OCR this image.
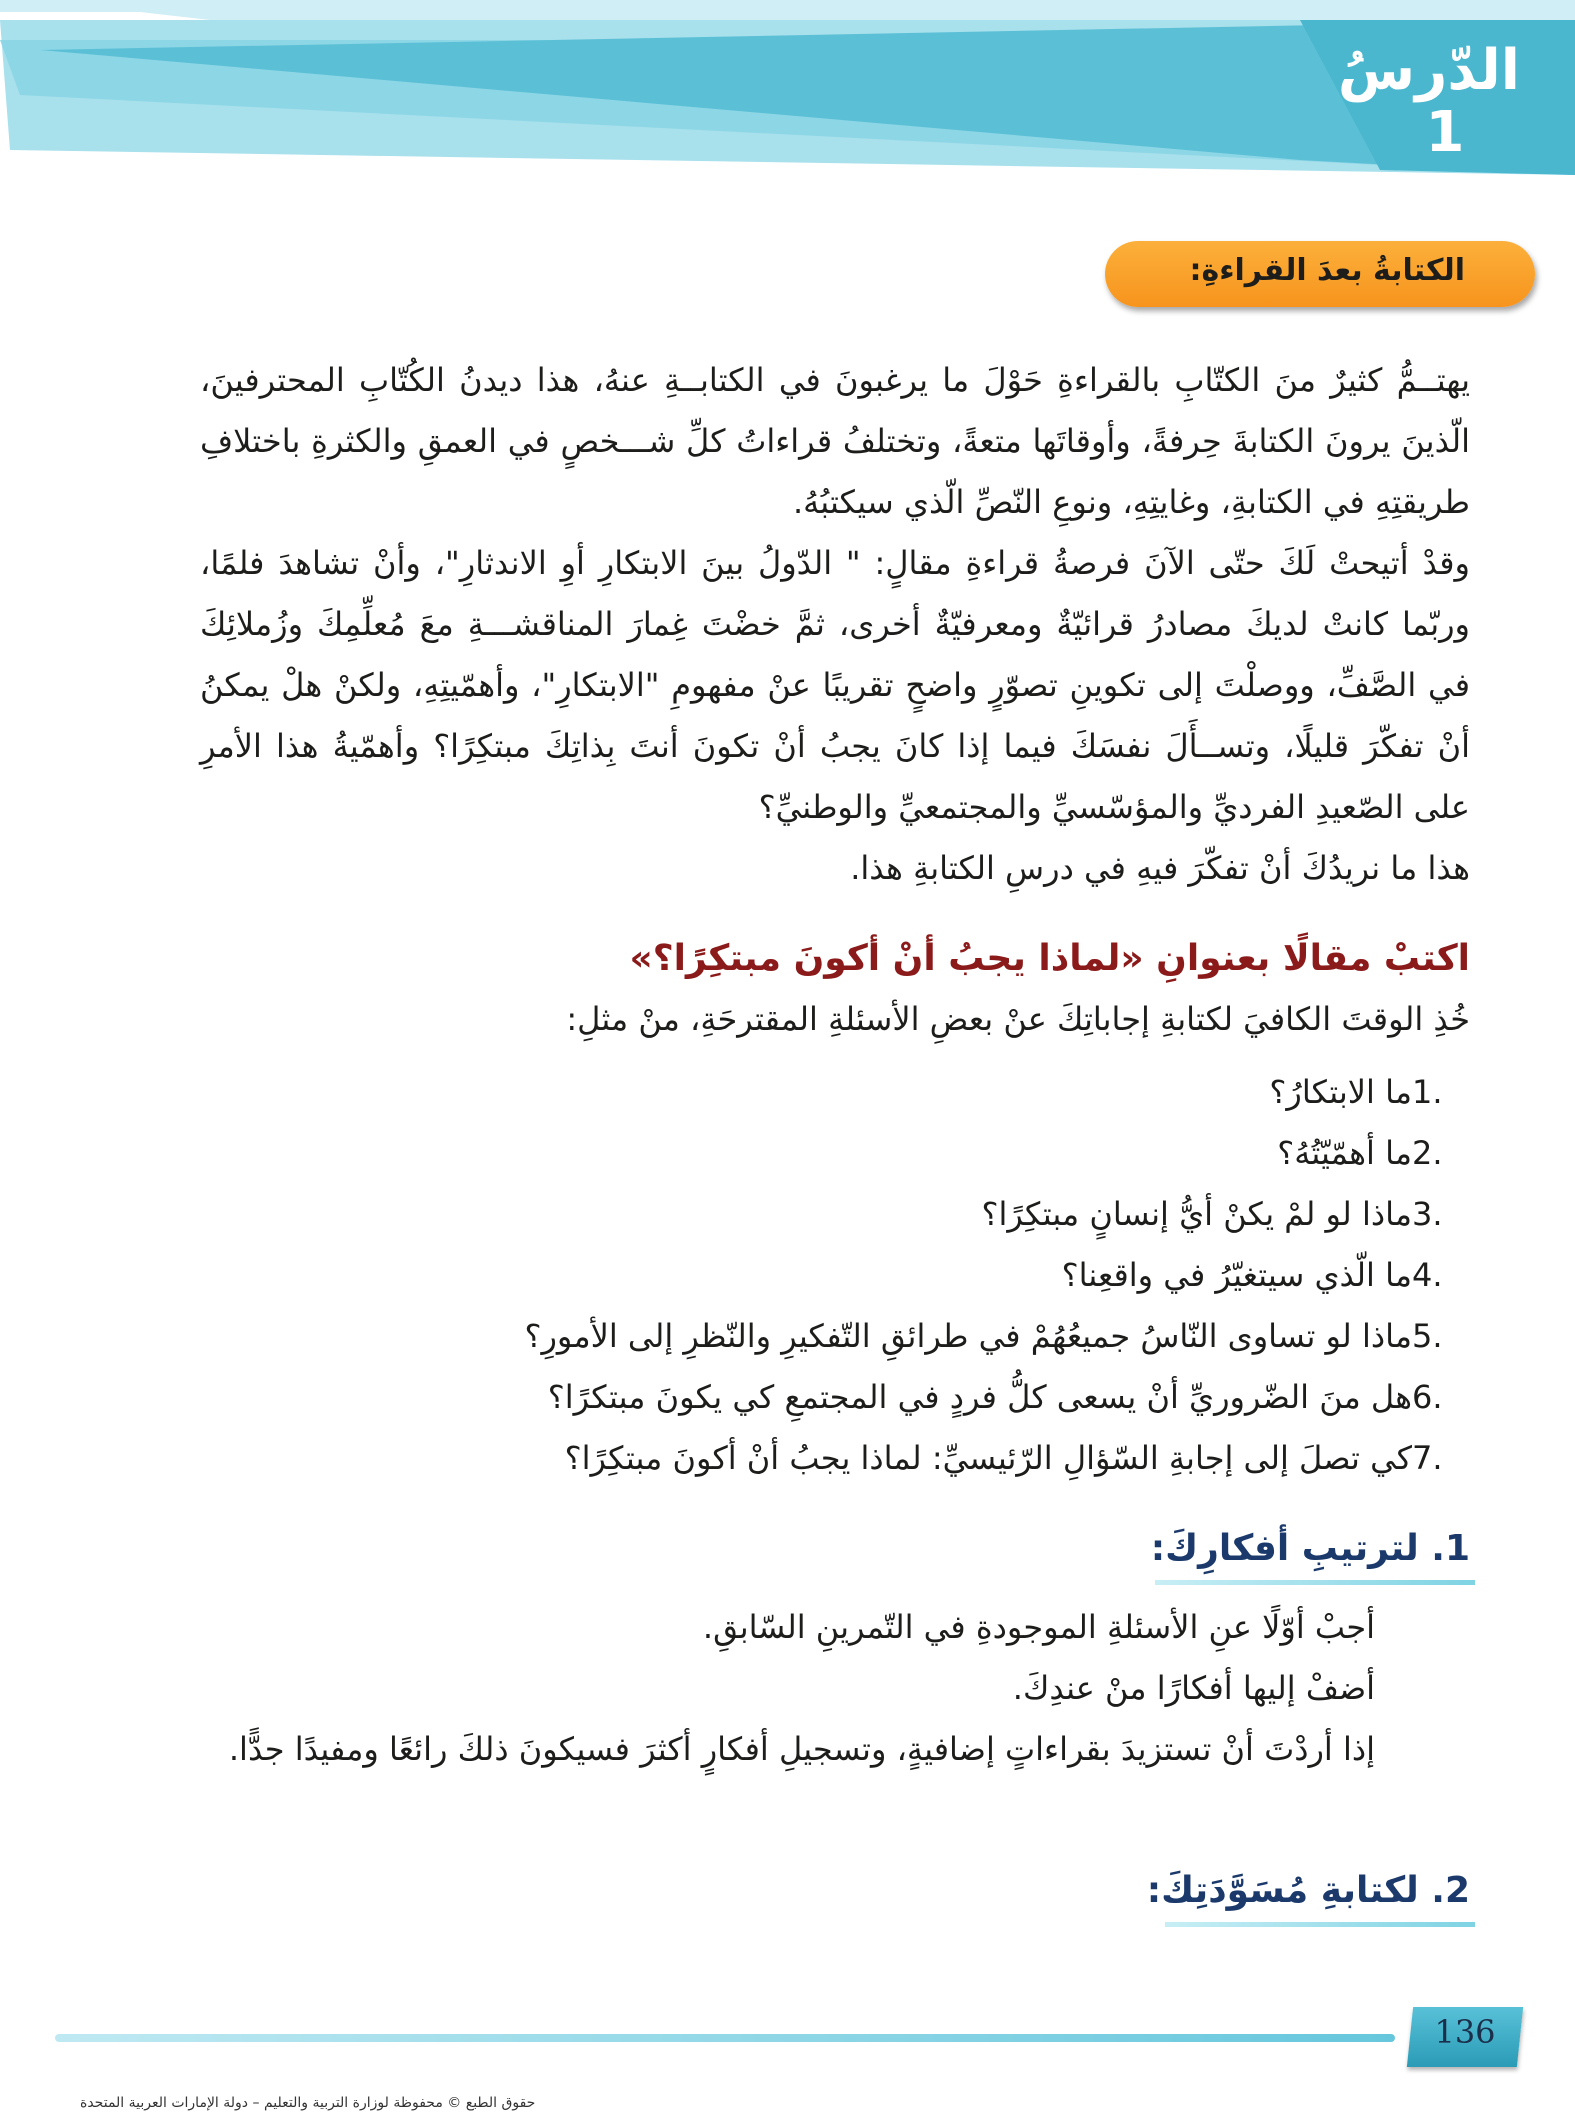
الدّرسُ
1
الكتابةُ بعدَ القراءةِ:

يهتــمُّ كثيرٌ منَ الكتّابِ بالقراءةِ حَوْلَ ما يرغبونَ في الكتابــةِ عنهُ، هذا ديدنُ الكُتّابِ المحترفينَ، الّذينَ يرونَ الكتابةَ حِرفةً، وأوقاتَها متعةً، وتختلفُ قراءاتُ كلِّ شـــخصٍ في العمقِ والكثرةِ باختلافِ طريقتِهِ في الكتابةِ، وغايتِهِ، ونوعِ النّصِّ الّذي سيكتبُهُ.

وقدْ أتيحتْ لَكَ حتّى الآنَ فرصةُ قراءةِ مقالٍ: " الدّولُ بينَ الابتكارِ أوِ الاندثارِ"، وأنْ تشاهدَ فلمًا، وربّما كانتْ لديكَ مصادرُ قرائيّةٌ ومعرفيّةٌ أخرى، ثمَّ خضْتَ غِمارَ المناقشـــةِ معَ مُعلِّمِكَ وزُملائِكَ في الصَّفِّ، ووصلْتَ إلى تكوينِ تصوّرٍ واضحٍ تقريبًا عنْ مفهومِ "الابتكارِ"، وأهمّيتِهِ، ولكنْ هلْ يمكنُ أنْ تفكّرَ قليلًا، وتســأَلَ نفسَكَ فيما إذا كانَ يجبُ أنْ تكونَ أنتَ بِذاتِكَ مبتكِرًا؟ وأهمّيةُ هذا الأمرِ على الصّعيدِ الفرديِّ والمؤسّسيِّ والمجتمعيِّ والوطنيِّ؟

هذا ما نريدُكَ أنْ تفكّرَ فيهِ في درسِ الكتابةِ هذا.

اكتبْ مقالًا بعنوانِ «لماذا يجبُ أنْ أكونَ مبتكِرًا؟»
خُذِ الوقتَ الكافيَ لكتابةِ إجاباتِكَ عنْ بعضِ الأسئلةِ المقترحَةِ، منْ مثلِ:
.1ما الابتكارُ؟
.2ما أهمّيّتُهُ؟
.3ماذا لو لمْ يكنْ أيُّ إنسانٍ مبتكِرًا؟
.4ما الّذي سيتغيّرُ في واقعِنا؟
.5ماذا لو تساوى النّاسُ جميعُهُمْ في طرائقِ التّفكيرِ والنّظرِ إلى الأمورِ؟
.6هل منَ الضّروريِّ أنْ يسعى كلُّ فردٍ في المجتمعِ كي يكونَ مبتكرًا؟
.7كي تصلَ إلى إجابةِ السّؤالِ الرّئيسيِّ: لماذا يجبُ أنْ أكونَ مبتكِرًا؟
1. لترتيبِ أفكارِكَ:

أجبْ أوّلًا عنِ الأسئلةِ الموجودةِ في التّمرينِ السّابقِ.

أضفْ إليها أفكارًا منْ عندِكَ.

إذا أردْتَ أنْ تستزيدَ بقراءاتٍ إضافيةٍ، وتسجيلِ أفكارٍ أكثرَ فسيكونَ ذلكَ رائعًا ومفيدًا جدًّا.

2. لكتابةِ مُسَوَّدَتِكَ:
136
حقوق الطبع © محفوظة لوزارة التربية والتعليم – دولة الإمارات العربية المتحدة
